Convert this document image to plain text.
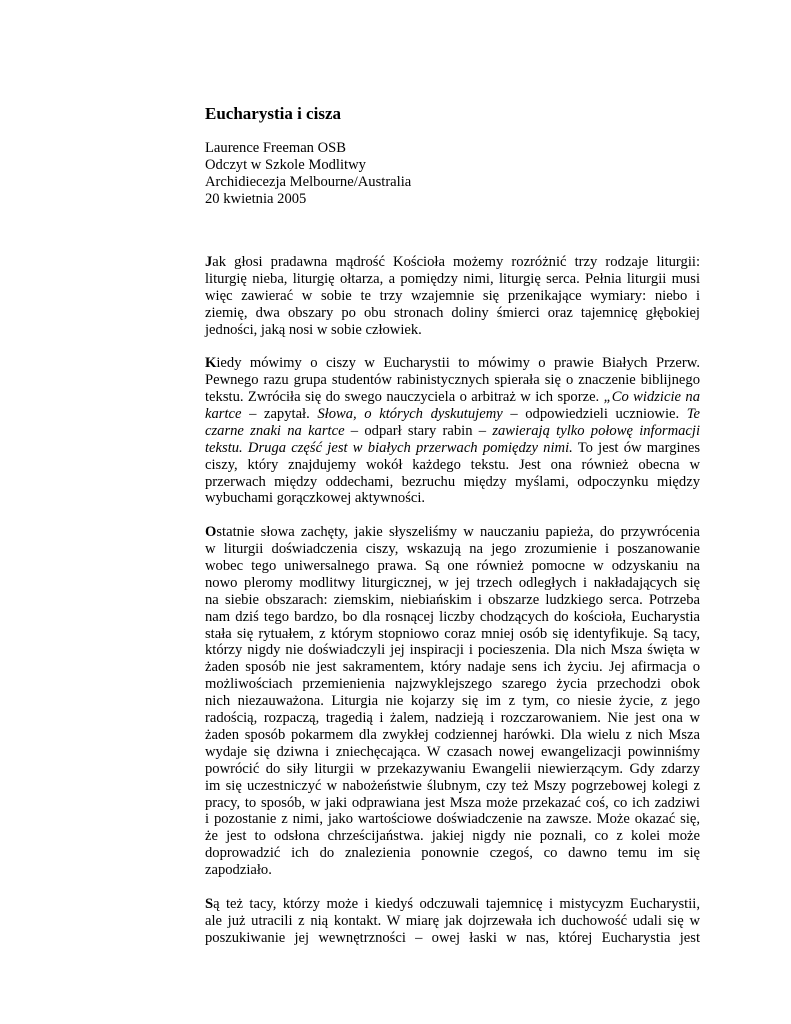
Eucharystia i cisza
Laurence Freeman OSB
Odczyt w Szkole Modlitwy
Archidiecezja Melbourne/Australia
20 kwietnia 2005
Jak głosi pradawna mądrość Kościoła możemy rozróżnić trzy rodzaje liturgii:
liturgię nieba, liturgię ołtarza, a pomiędzy nimi, liturgię serca. Pełnia liturgii musi
więc zawierać w sobie te trzy wzajemnie się przenikające wymiary: niebo i
ziemię, dwa obszary po obu stronach doliny śmierci oraz tajemnicę głębokiej
jedności, jaką nosi w sobie człowiek.
Kiedy mówimy o ciszy w Eucharystii to mówimy o prawie Białych Przerw.
Pewnego razu grupa studentów rabinistycznych spierała się o znaczenie biblijnego
tekstu. Zwróciła się do swego nauczyciela o arbitraż w ich sporze. „Co widzicie na
kartce – zapytał. Słowa, o których dyskutujemy – odpowiedzieli uczniowie. Te
czarne znaki na kartce – odparł stary rabin – zawierają tylko połowę informacji
tekstu. Druga część jest w białych przerwach pomiędzy nimi. To jest ów margines
ciszy, który znajdujemy wokół każdego tekstu. Jest ona również obecna w
przerwach między oddechami, bezruchu między myślami, odpoczynku między
wybuchami gorączkowej aktywności.
Ostatnie słowa zachęty, jakie słyszeliśmy w nauczaniu papieża, do przywrócenia
w liturgii doświadczenia ciszy, wskazują na jego zrozumienie i poszanowanie
wobec tego uniwersalnego prawa. Są one również pomocne w odzyskaniu na
nowo pleromy modlitwy liturgicznej, w jej trzech odległych i nakładających się
na siebie obszarach: ziemskim, niebiańskim i obszarze ludzkiego serca. Potrzeba
nam dziś tego bardzo, bo dla rosnącej liczby chodzących do kościoła, Eucharystia
stała się rytuałem, z którym stopniowo coraz mniej osób się identyfikuje. Są tacy,
którzy nigdy nie doświadczyli jej inspiracji i pocieszenia. Dla nich Msza święta w
żaden sposób nie jest sakramentem, który nadaje sens ich życiu. Jej afirmacja o
możliwościach przemienienia najzwyklejszego szarego życia przechodzi obok
nich niezauważona. Liturgia nie kojarzy się im z tym, co niesie życie, z jego
radością, rozpaczą, tragedią i żalem, nadzieją i rozczarowaniem. Nie jest ona w
żaden sposób pokarmem dla zwykłej codziennej harówki. Dla wielu z nich Msza
wydaje się dziwna i zniechęcająca. W czasach nowej ewangelizacji powinniśmy
powrócić do siły liturgii w przekazywaniu Ewangelii niewierzącym. Gdy zdarzy
im się uczestniczyć w nabożeństwie ślubnym, czy też Mszy pogrzebowej kolegi z
pracy, to sposób, w jaki odprawiana jest Msza może przekazać coś, co ich zadziwi
i pozostanie z nimi, jako wartościowe doświadczenie na zawsze. Może okazać się,
że jest to odsłona chrześcijaństwa. jakiej nigdy nie poznali, co z kolei może
doprowadzić ich do znalezienia ponownie czegoś, co dawno temu im się
zapodziało.
Są też tacy, którzy może i kiedyś odczuwali tajemnicę i mistycyzm Eucharystii,
ale już utracili z nią kontakt. W miarę jak dojrzewała ich duchowość udali się w
poszukiwanie jej wewnętrzności – owej łaski w nas, której Eucharystia jest
